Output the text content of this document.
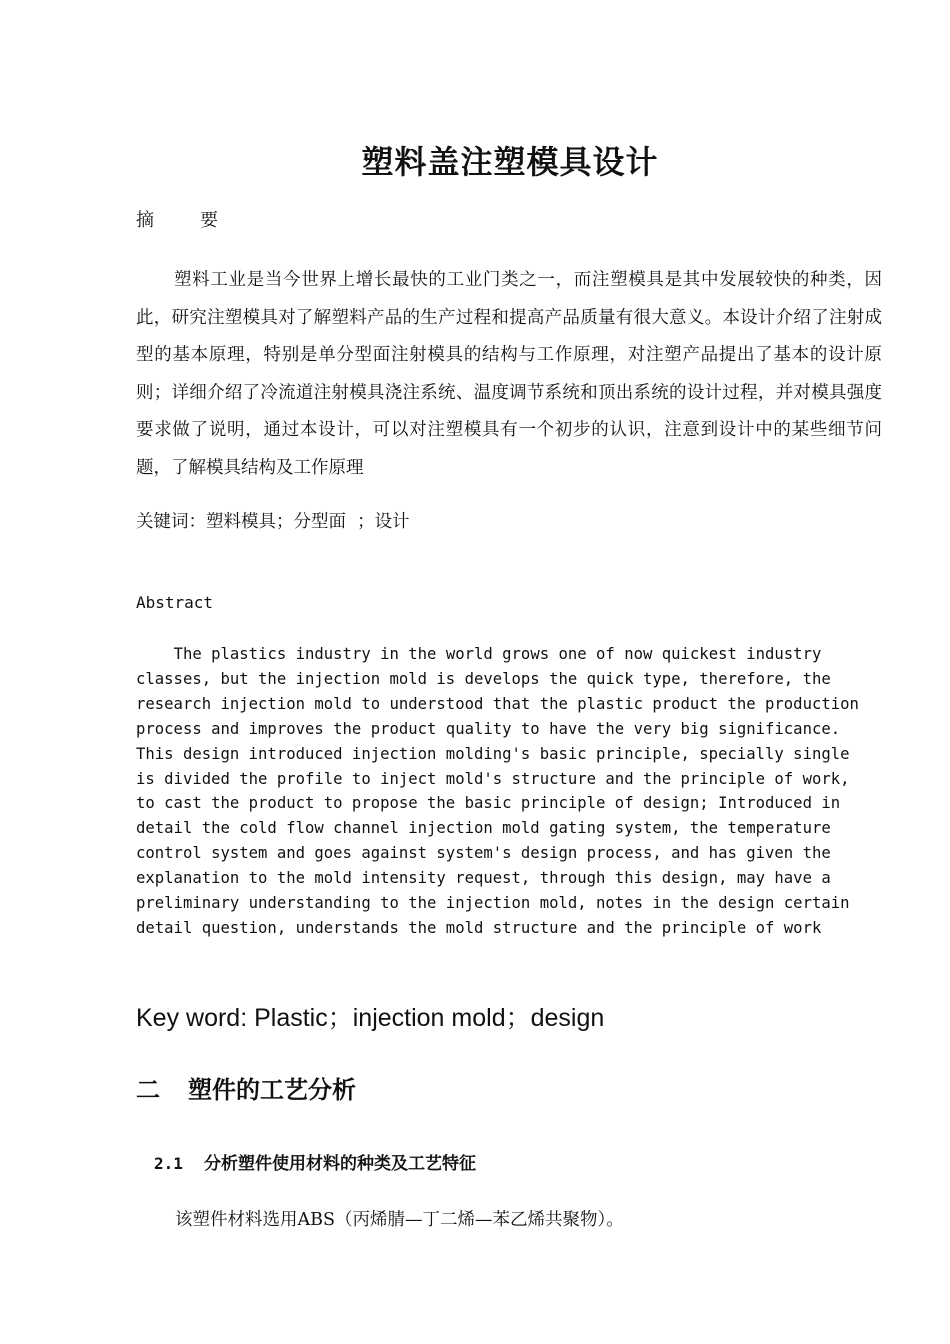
塑料盖注塑模具设计
摘	要

塑料工业是当今世界上增长最快的工业门类之一，而注塑模具是其中发展较快的种类，因此，研究注塑模具对了解塑料产品的生产过程和提高产品质量有很大意义。本设计介绍了注射成型的基本原理，特别是单分型面注射模具的结构与工作原理，对注塑产品提出了基本的设计原则；详细介绍了冷流道注射模具浇注系统、温度调节系统和顶出系统的设计过程，并对模具强度要求做了说明，通过本设计，可以对注塑模具有一个初步的认识，注意到设计中的某些细节问题，了解模具结构及工作原理

关键词：塑料模具；分型面  ；设计

Abstract

The plastics industry in the world grows one of now quickest industry
classes, but the injection mold is develops the quick type, therefore, the
research injection mold to understood that the plastic product the production
process and improves the product quality to have the very big significance.
This design introduced injection molding's basic principle, specially single
is divided the profile to inject mold's structure and the principle of work,
to cast the product to propose the basic principle of design; Introduced in
detail the cold flow channel injection mold gating system, the temperature
control system and goes against system's design process, and has given the
explanation to the mold intensity request, through this design, may have a
preliminary understanding to the injection mold, notes in the design certain
detail question, understands the mold structure and the principle of work

Key word: Plastic；injection mold；design

二 塑件的工艺分析
2.1 分析塑件使用材料的种类及工艺特征

该塑件材料选用ABS（丙烯腈—丁二烯—苯乙烯共聚物）。
